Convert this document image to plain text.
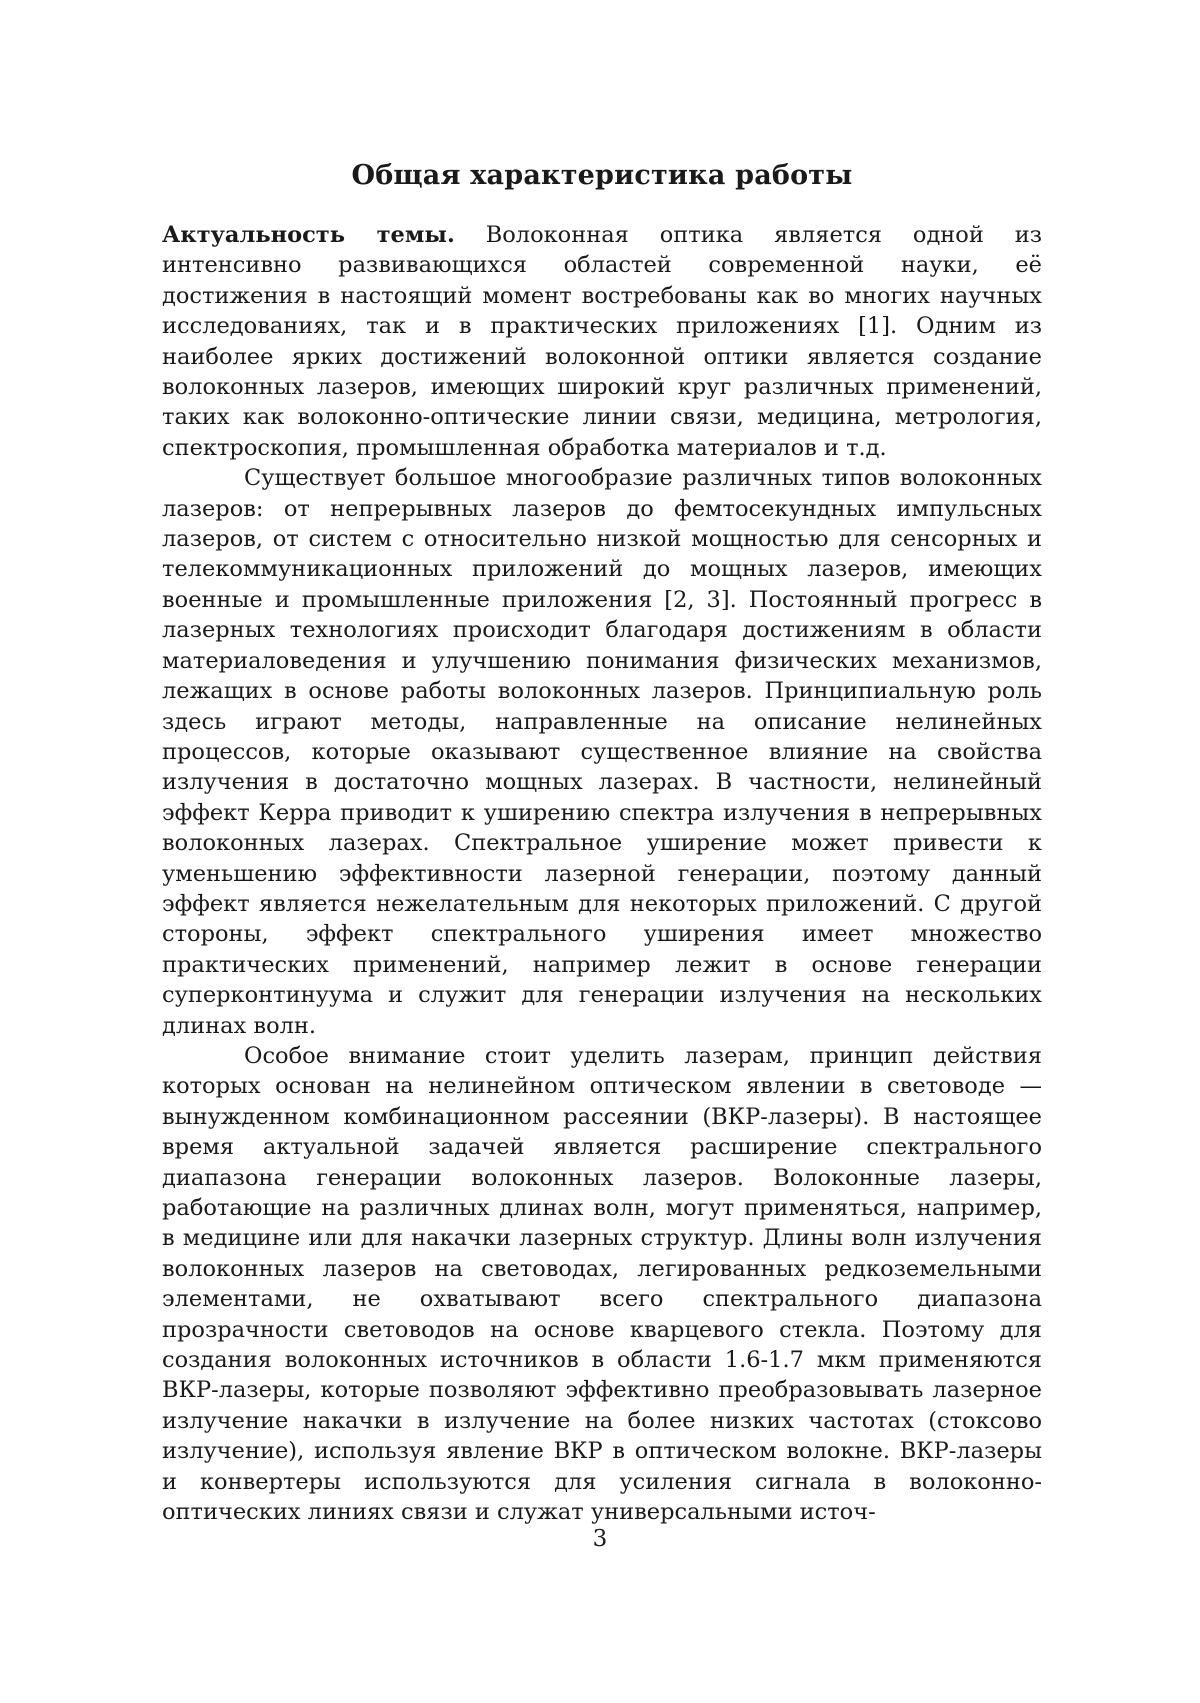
Общая характеристика работы

Актуальность темы. Волоконная оптика является одной из интенсивно развивающихся областей современной науки, её достижения в настоящий момент востребованы как во многих научных исследованиях, так и в практических приложениях [1]. Одним из наиболее ярких достижений волоконной оптики является создание волоконных лазеров, имеющих широкий круг различных применений, таких как волоконно-оптические линии связи, медицина, метрология, спектроскопия, промышленная обработка материалов и т.д.

Существует большое многообразие различных типов волоконных лазеров: от непрерывных лазеров до фемтосекундных импульсных лазеров, от систем с относительно низкой мощностью для сенсорных и телекоммуникационных приложений до мощных лазеров, имеющих военные и промышленные приложения [2, 3]. Постоянный прогресс в лазерных технологиях происходит благодаря достижениям в области материаловедения и улучшению понимания физических механизмов, лежащих в основе работы волоконных лазеров. Принципиальную роль здесь играют методы, направленные на описание нелинейных процессов, которые оказывают существенное влияние на свойства излучения в достаточно мощных лазерах. В частности, нелинейный эффект Керра приводит к уширению спектра излучения в непрерывных волоконных лазерах. Спектральное уширение может привести к уменьшению эффективности лазерной генерации, поэтому данный эффект является нежелательным для некоторых приложений. С другой стороны, эффект спектрального уширения имеет множество практических применений, например лежит в основе генерации суперконтинуума и служит для генерации излучения на нескольких длинах волн.

Особое внимание стоит уделить лазерам, принцип действия которых основан на нелинейном оптическом явлении в световоде — вынужденном комбинационном рассеянии (ВКР-лазеры). В настоящее время актуальной задачей является расширение спектрального диапазона генерации волоконных лазеров. Волоконные лазеры, работающие на различных длинах волн, могут применяться, например, в медицине или для накачки лазерных структур. Длины волн излучения волоконных лазеров на световодах, легированных редкоземельными элементами, не охватывают всего спектрального диапазона прозрачности световодов на основе кварцевого стекла. Поэтому для создания волоконных источников в области 1.6-1.7 мкм применяются ВКР-лазеры, которые позволяют эффективно преобразовывать лазерное излучение накачки в излучение на более низких частотах (стоксово излучение), используя явление ВКР в оптическом волокне. ВКР-лазеры и конвертеры используются для усиления сигнала в волоконно-оптических линиях связи и служат универсальными источ-

3
